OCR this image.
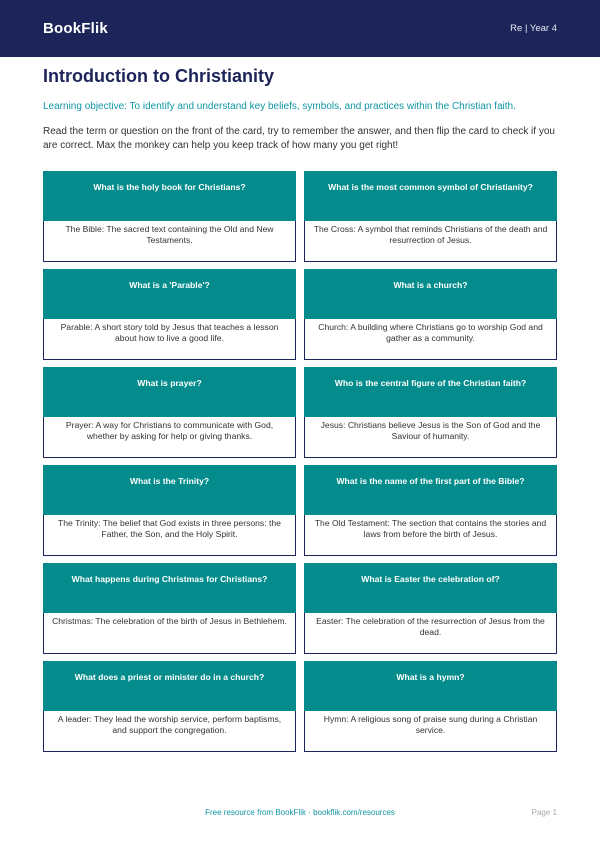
BookFlik	Re | Year 4
Introduction to Christianity

Learning objective: To identify and understand key beliefs, symbols, and practices within the Christian faith.

Read the term or question on the front of the card, try to remember the answer, and then flip the card to check if you are correct. Max the monkey can help you keep track of how many you get right!

What is the holy book for Christians?
The Bible: The sacred text containing the Old and New Testaments.
What is the most common symbol of Christianity?
The Cross: A symbol that reminds Christians of the death and resurrection of Jesus.
What is a 'Parable'?
Parable: A short story told by Jesus that teaches a lesson about how to live a good life.
What is a church?
Church: A building where Christians go to worship God and gather as a community.
What is prayer?
Prayer: A way for Christians to communicate with God, whether by asking for help or giving thanks.
Who is the central figure of the Christian faith?
Jesus: Christians believe Jesus is the Son of God and the Saviour of humanity.
What is the Trinity?
The Trinity: The belief that God exists in three persons: the Father, the Son, and the Holy Spirit.
What is the name of the first part of the Bible?
The Old Testament: The section that contains the stories and laws from before the birth of Jesus.
What happens during Christmas for Christians?
Christmas: The celebration of the birth of Jesus in Bethlehem.
What is Easter the celebration of?
Easter: The celebration of the resurrection of Jesus from the dead.
What does a priest or minister do in a church?
A leader: They lead the worship service, perform baptisms, and support the congregation.
What is a hymn?
Hymn: A religious song of praise sung during a Christian service.
Free resource from BookFlik · bookflik.com/resources	Page 1
